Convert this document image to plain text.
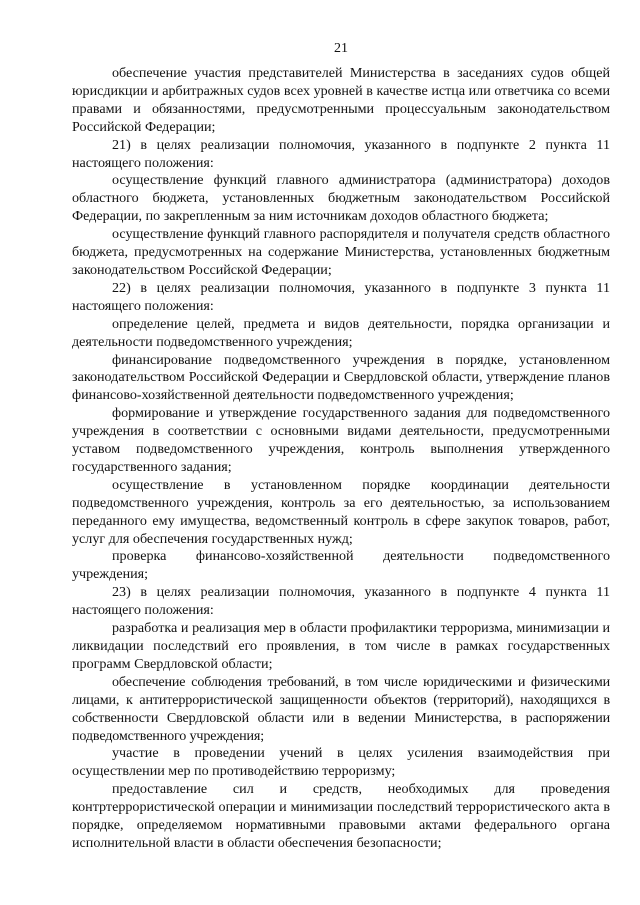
21

обеспечение участия представителей Министерства в заседаниях судов общей юрисдикции и арбитражных судов всех уровней в качестве истца или ответчика со всеми правами и обязанностями, предусмотренными процессуальным законодательством Российской Федерации;

21) в целях реализации полномочия, указанного в подпункте 2 пункта 11 настоящего положения:

осуществление функций главного администратора (администратора) доходов областного бюджета, установленных бюджетным законодательством Российской Федерации, по закрепленным за ним источникам доходов областного бюджета;

осуществление функций главного распорядителя и получателя средств областного бюджета, предусмотренных на содержание Министерства, установленных бюджетным законодательством Российской Федерации;

22) в целях реализации полномочия, указанного в подпункте 3 пункта 11 настоящего положения:

определение целей, предмета и видов деятельности, порядка организации и деятельности подведомственного учреждения;

финансирование подведомственного учреждения в порядке, установленном законодательством Российской Федерации и Свердловской области, утверждение планов финансово-хозяйственной деятельности подведомственного учреждения;

формирование и утверждение государственного задания для подведомственного учреждения в соответствии с основными видами деятельности, предусмотренными уставом подведомственного учреждения, контроль выполнения утвержденного государственного задания;

осуществление в установленном порядке координации деятельности подведомственного учреждения, контроль за его деятельностью, за использованием переданного ему имущества, ведомственный контроль в сфере закупок товаров, работ, услуг для обеспечения государственных нужд;

проверка финансово-хозяйственной деятельности подведомственного учреждения;

23) в целях реализации полномочия, указанного в подпункте 4 пункта 11 настоящего положения:

разработка и реализация мер в области профилактики терроризма, минимизации и ликвидации последствий его проявления, в том числе в рамках государственных программ Свердловской области;

обеспечение соблюдения требований, в том числе юридическими и физическими лицами, к антитеррористической защищенности объектов (территорий), находящихся в собственности Свердловской области или в ведении Министерства, в распоряжении подведомственного учреждения;

участие в проведении учений в целях усиления взаимодействия при осуществлении мер по противодействию терроризму;

предоставление сил и средств, необходимых для проведения контртеррористической операции и минимизации последствий террористического акта в порядке, определяемом нормативными правовыми актами федерального органа исполнительной власти в области обеспечения безопасности;
